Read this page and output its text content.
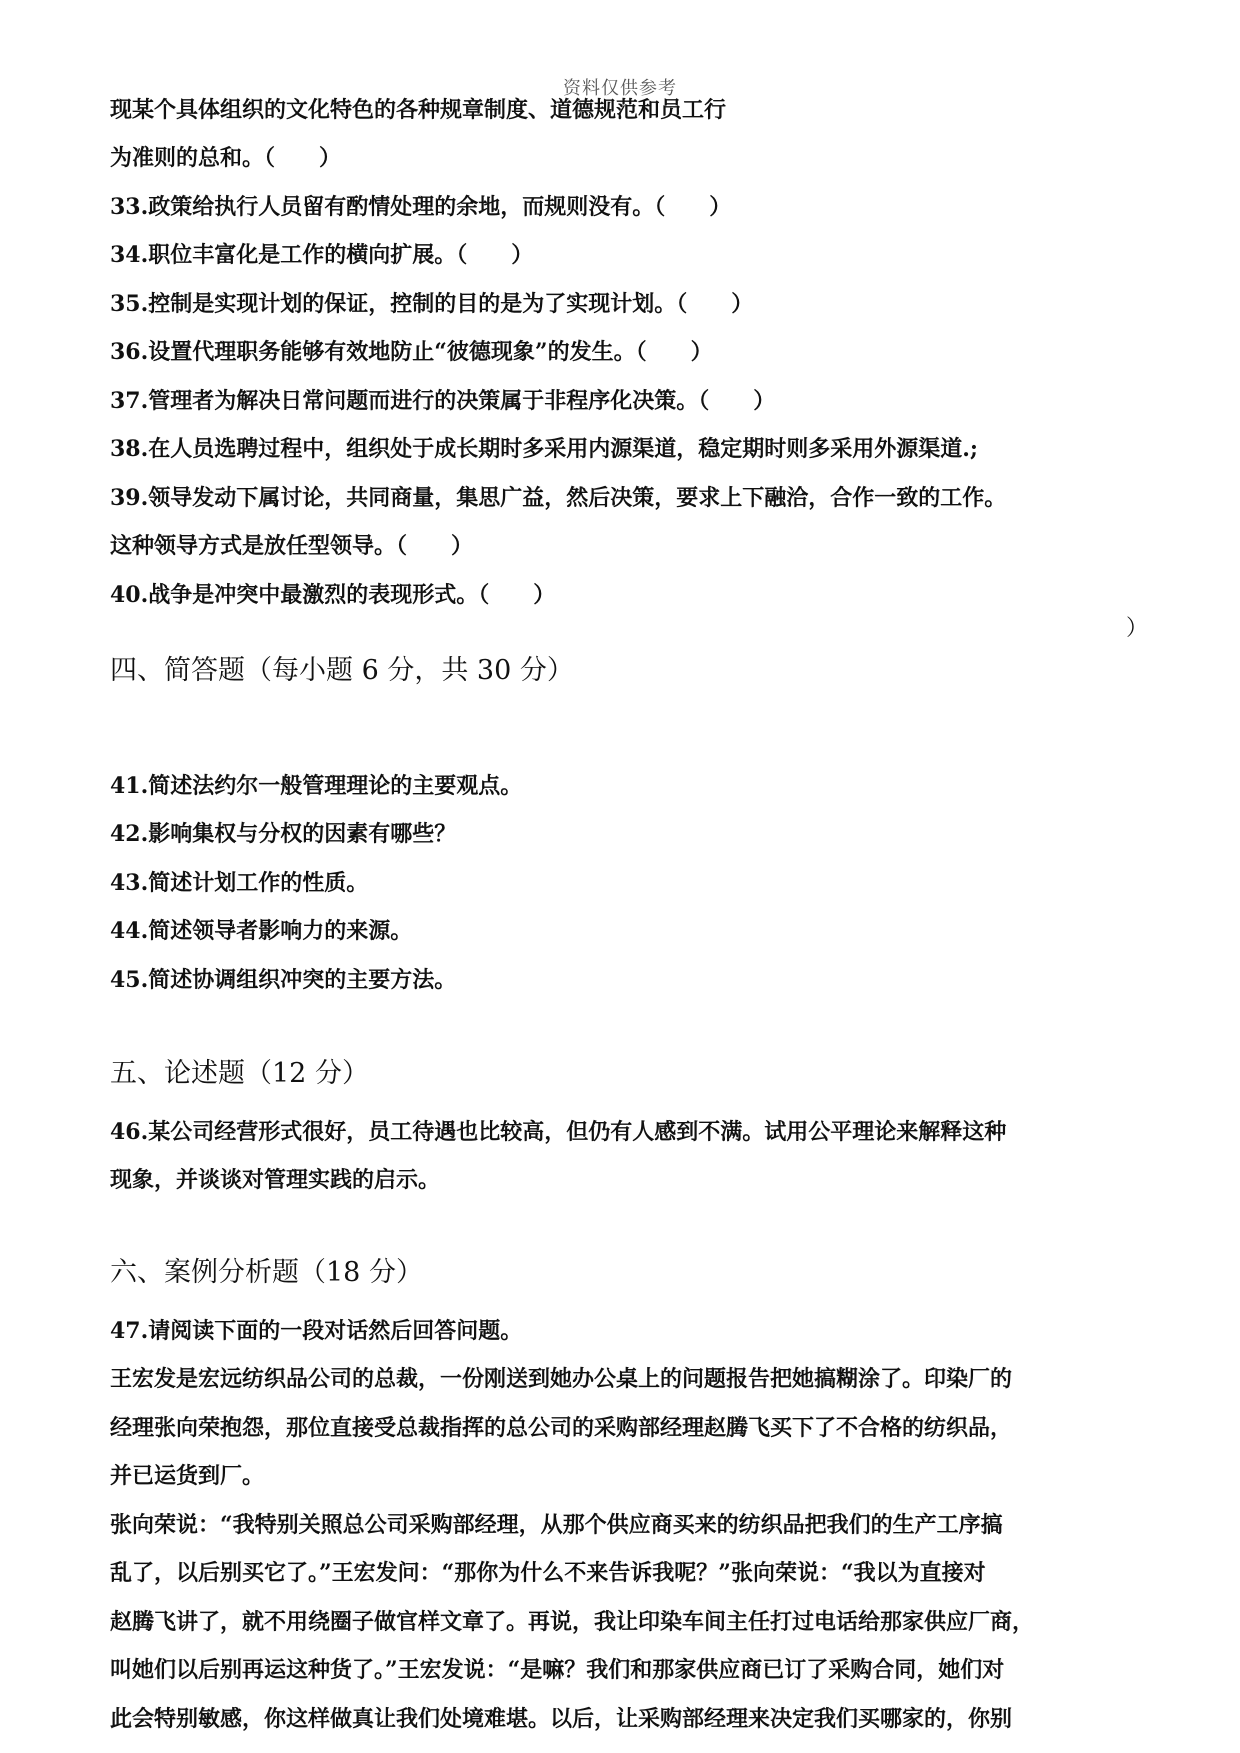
资料仅供参考
现某个具体组织的文化特色的各种规章制度、道德规范和员工行
为准则的总和。（　　）
33.政策给执行人员留有酌情处理的余地，而规则没有。（　　）
34.职位丰富化是工作的横向扩展。（　　）
35.控制是实现计划的保证，控制的目的是为了实现计划。（　　）
36.设置代理职务能够有效地防止“彼德现象”的发生。（　　）
37.管理者为解决日常问题而进行的决策属于非程序化决策。（　　）
38.在人员选聘过程中，组织处于成长期时多采用内源渠道，稳定期时则多采用外源渠道.;
39.领导发动下属讨论，共同商量，集思广益，然后决策，要求上下融洽，合作一致的工作。
这种领导方式是放任型领导。（　　）
40.战争是冲突中最激烈的表现形式。（　　）
）
四、简答题（每小题 6 分，共 30 分）
41.简述法约尔一般管理理论的主要观点。
42.影响集权与分权的因素有哪些？
43.简述计划工作的性质。
44.简述领导者影响力的来源。
45.简述协调组织冲突的主要方法。
五、论述题（12 分）
46.某公司经营形式很好，员工待遇也比较高，但仍有人感到不满。试用公平理论来解释这种
现象，并谈谈对管理实践的启示。
六、案例分析题（18 分）
47.请阅读下面的一段对话然后回答问题。
王宏发是宏远纺织品公司的总裁，一份刚送到她办公桌上的问题报告把她搞糊涂了。印染厂的
经理张向荣抱怨，那位直接受总裁指挥的总公司的采购部经理赵腾飞买下了不合格的纺织品，
并已运货到厂。
张向荣说：“我特别关照总公司采购部经理，从那个供应商买来的纺织品把我们的生产工序搞
乱了，以后别买它了。”王宏发问：“那你为什么不来告诉我呢？”张向荣说：“我以为直接对
赵腾飞讲了，就不用绕圈子做官样文章了。再说，我让印染车间主任打过电话给那家供应厂商，
叫她们以后别再运这种货了。”王宏发说：“是嘛？我们和那家供应商已订了采购合同，她们对
此会特别敏感，你这样做真让我们处境难堪。以后，让采购部经理来决定我们买哪家的，你别
